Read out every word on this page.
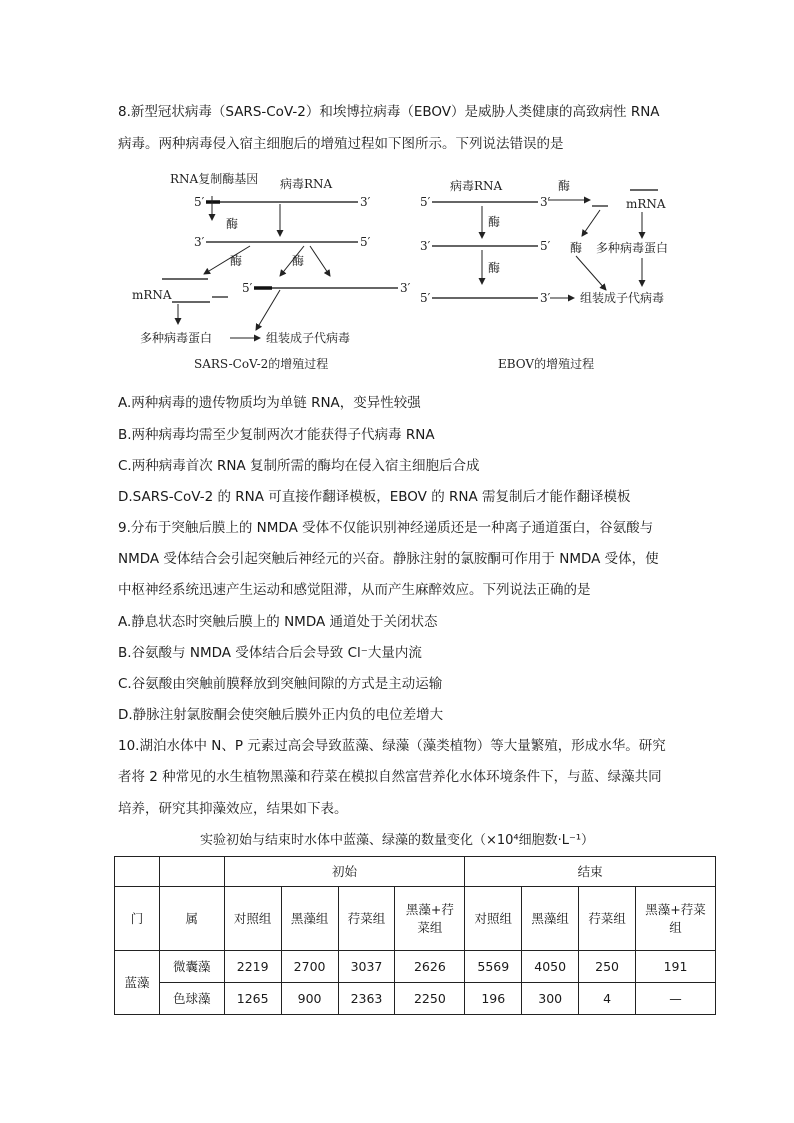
8.新型冠状病毒（SARS-CoV-2）和埃博拉病毒（EBOV）是威胁人类健康的高致病性 RNA
病毒。两种病毒侵入宿主细胞后的增殖过程如下图所示。下列说法错误的是
RNA复制酶基因 病毒RNA
5′	3′
酶
3′	5′
酶	酶
mRNA	5′	3′
多种病毒蛋白	组装成子代病毒
SARS-CoV-2的增殖过程
病毒RNA	酶
5′	3′	mRNA
酶
3′	5′ 酶 多种病毒蛋白
酶
5′	3′ 组装成子代病毒
EBOV的增殖过程
A.两种病毒的遗传物质均为单链 RNA，变异性较强
B.两种病毒均需至少复制两次才能获得子代病毒 RNA
C.两种病毒首次 RNA 复制所需的酶均在侵入宿主细胞后合成
D.SARS-CoV-2 的 RNA 可直接作翻译模板，EBOV 的 RNA 需复制后才能作翻译模板
9.分布于突触后膜上的 NMDA 受体不仅能识别神经递质还是一种离子通道蛋白，谷氨酸与
NMDA 受体结合会引起突触后神经元的兴奋。静脉注射的氯胺酮可作用于 NMDA 受体，使
中枢神经系统迅速产生运动和感觉阻滞，从而产生麻醉效应。下列说法正确的是
A.静息状态时突触后膜上的 NMDA 通道处于关闭状态
B.谷氨酸与 NMDA 受体结合后会导致 Cl⁻大量内流
C.谷氨酸由突触前膜释放到突触间隙的方式是主动运输
D.静脉注射氯胺酮会使突触后膜外正内负的电位差增大
10.湖泊水体中 N、P 元素过高会导致蓝藻、绿藻（藻类植物）等大量繁殖，形成水华。研究
者将 2 种常见的水生植物黑藻和荇菜在模拟自然富营养化水体环境条件下，与蓝、绿藻共同
培养，研究其抑藻效应，结果如下表。
实验初始与结束时水体中蓝藻、绿藻的数量变化（×10⁴细胞数·L⁻¹）
		初始				结束			
门	属	对照组	黑藻组	荇菜组	黑藻+荇菜组	对照组	黑藻组	荇菜组	黑藻+荇菜组
蓝藻	微囊藻	2219	2700	3037	2626	5569	4050	250	191
	色球藻	1265	900	2363	2250	196	300	4	—
